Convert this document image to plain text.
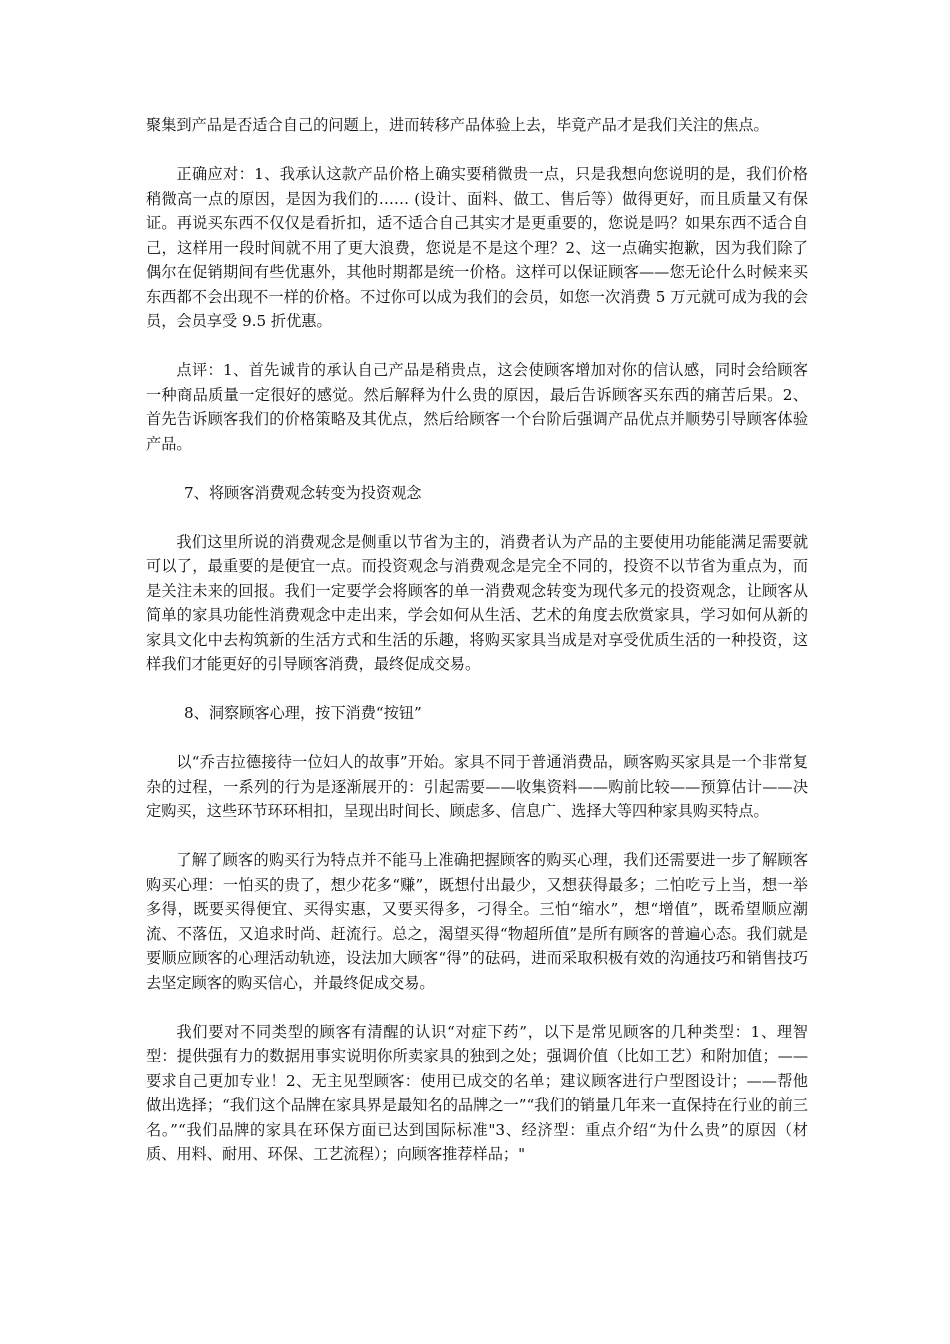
聚集到产品是否适合自己的问题上，进而转移产品体验上去，毕竟产品才是我们关注的焦点。

正确应对：1、我承认这款产品价格上确实要稍微贵一点，只是我想向您说明的是，我们价格稍微高一点的原因，是因为我们的…… (设计、面料、做工、售后等）做得更好，而且质量又有保证。再说买东西不仅仅是看折扣，适不适合自己其实才是更重要的，您说是吗？如果东西不适合自己，这样用一段时间就不用了更大浪费，您说是不是这个理？2、这一点确实抱歉，因为我们除了偶尔在促销期间有些优惠外，其他时期都是统一价格。这样可以保证顾客——您无论什么时候来买东西都不会出现不一样的价格。不过你可以成为我们的会员，如您一次消费 5 万元就可成为我的会员，会员享受 9.5 折优惠。

点评：1、首先诚肯的承认自己产品是稍贵点，这会使顾客增加对你的信认感，同时会给顾客一种商品质量一定很好的感觉。然后解释为什么贵的原因，最后告诉顾客买东西的痛苦后果。2、首先告诉顾客我们的价格策略及其优点，然后给顾客一个台阶后强调产品优点并顺势引导顾客体验产品。

7、将顾客消费观念转变为投资观念

我们这里所说的消费观念是侧重以节省为主的，消费者认为产品的主要使用功能能满足需要就可以了，最重要的是便宜一点。而投资观念与消费观念是完全不同的，投资不以节省为重点为，而是关注未来的回报。我们一定要学会将顾客的单一消费观念转变为现代多元的投资观念，让顾客从简单的家具功能性消费观念中走出来，学会如何从生活、艺术的角度去欣赏家具，学习如何从新的家具文化中去构筑新的生活方式和生活的乐趣，将购买家具当成是对享受优质生活的一种投资，这样我们才能更好的引导顾客消费，最终促成交易。

8、洞察顾客心理，按下消费“按钮”

以“乔吉拉德接待一位妇人的故事”开始。家具不同于普通消费品，顾客购买家具是一个非常复杂的过程，一系列的行为是逐渐展开的：引起需要——收集资料——购前比较——预算估计——决定购买，这些环节环环相扣，呈现出时间长、顾虑多、信息广、选择大等四种家具购买特点。

了解了顾客的购买行为特点并不能马上准确把握顾客的购买心理，我们还需要进一步了解顾客购买心理：一怕买的贵了，想少花多“赚”，既想付出最少，又想获得最多；二怕吃亏上当，想一举多得，既要买得便宜、买得实惠，又要买得多，刁得全。三怕“缩水”，想“增值”，既希望顺应潮流、不落伍，又追求时尚、赶流行。总之，渴望买得“物超所值”是所有顾客的普遍心态。我们就是要顺应顾客的心理活动轨迹，设法加大顾客“得”的砝码，进而采取积极有效的沟通技巧和销售技巧去坚定顾客的购买信心，并最终促成交易。

我们要对不同类型的顾客有清醒的认识“对症下药”，以下是常见顾客的几种类型：1、理智型：提供强有力的数据用事实说明你所卖家具的独到之处；强调价值（比如工艺）和附加值；——要求自己更加专业！2、无主见型顾客：使用已成交的名单；建议顾客进行户型图设计；——帮他做出选择；“我们这个品牌在家具界是最知名的品牌之一”“我们的销量几年来一直保持在行业的前三名。”“我们品牌的家具在环保方面已达到国际标准"3、经济型：重点介绍“为什么贵”的原因（材质、用料、耐用、环保、工艺流程）；向顾客推荐样品；"
